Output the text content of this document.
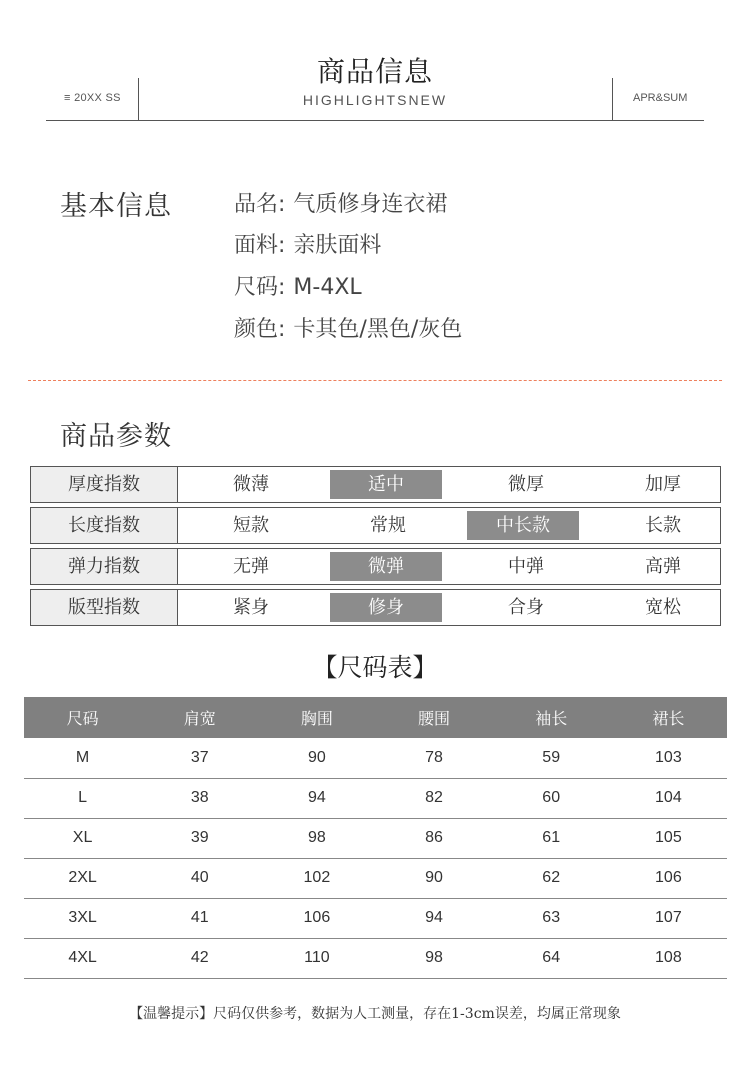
商品信息
≡ 20XX SS	HIGHLIGHTSNEW	APR&SUM
基本信息	品名: 气质修身连衣裙
面料: 亲肤面料
尺码: M-4XL
颜色: 卡其色/黑色/灰色
商品参数
厚度指数	微薄	适中	微厚	加厚
长度指数	短款	常规	中长款	长款
弹力指数	无弹	微弹	中弹	高弹
版型指数	紧身	修身	合身	宽松
【尺码表】
尺码	肩宽	胸围	腰围	袖长	裙长
M	37	90	78	59	103
L	38	94	82	60	104
XL	39	98	86	61	105
2XL	40	102	90	62	106
3XL	41	106	94	63	107
4XL	42	110	98	64	108
【温馨提示】尺码仅供参考，数据为人工测量，存在1-3cm误差，均属正常现象
